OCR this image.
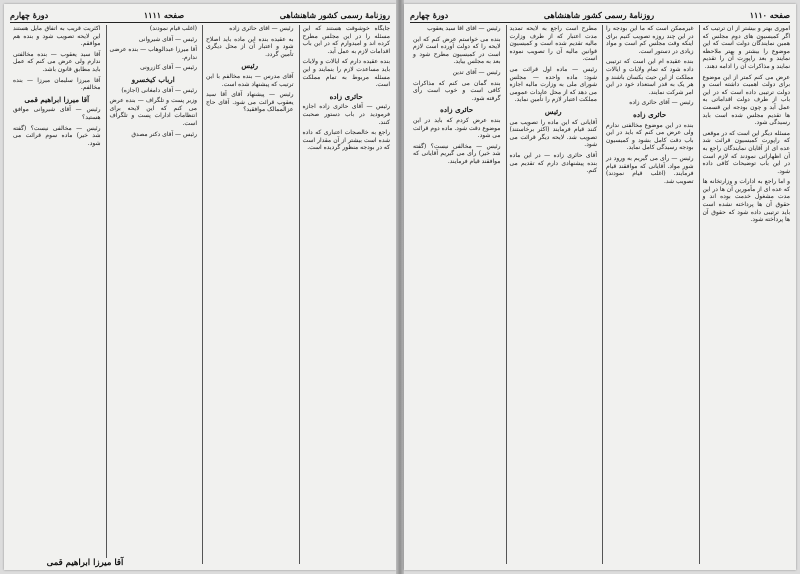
روزنامهٔ رسمی کشور شاهنشاهی
صفحه ۱۱۱۱
دورهٔ چهارم

جایگاه خوشوقت هستند که این مسئله را در این مجلس مطرح کرده اند و امیدوارم که در این باب اقدامات لازم به عمل آید.

بنده عقیده دارم که ایالات و ولایات باید مساعدت لازم را بنمایند و این مسئله مربوط به تمام مملکت است.

حائری زاده

رئیس — آقای حائری زاده اجازه فرمودید در باب دستور صحبت کنند.

راجع به خالصجات اعتباری که داده شده است بیشتر از آن مقدار است که در بودجه منظور گردیده است.

رئیس — آقای حائری زاده

به عقیده بنده این ماده باید اصلاح شود و اعتبار آن از محل دیگری تأمین گردد.

رئیس

آقای مدرس — بنده مخالفم با این ترتیب که پیشنهاد شده است.

رئیس — پیشنهاد آقای آقا سید یعقوب قرائت می شود. آقای حاج عزالممالک موافقید؟

(اغلب قیام نمودند)

رئیس — آقای شیروانی

آقا میرزا عبدالوهاب — بنده عرضی ندارم.

رئیس — آقای کازرونی

ارباب کیخسرو

رئیس — آقای دامغانی (اجازه)

وزیر پست و تلگراف — بنده عرض می کنم که این لایحه برای انتظامات ادارات پست و تلگراف است.

رئیس — آقای دکتر مصدق

اکثریت قریب به اتفاق مایل هستند این لایحه تصویب شود و بنده هم موافقم.

آقا سید یعقوب — بنده مخالفتی ندارم ولی عرض می کنم که عمل باید مطابق قانون باشد.

آقا میرزا سلیمان میرزا — بنده مخالفم.

آقا میرزا ابراهیم قمی

رئیس — آقای شیروانی موافق هستید؟

رئیس — مخالفی نیست؟ (گفته شد خیر) ماده سوم قرائت می شود.

آقا میرزا ابراهیم قمی
صفحه ۱۱۱۰
روزنامهٔ رسمی کشور شاهنشاهی
دورهٔ چهارم

اموری بهتر و بیشتر از آن ترتیب که اگر کمیسیون های دوم مجلس که همین نمایندگان دولت است که این موضوع را بیشتر و بهتر ملاحظه نمایند و بعد راپورت آن را تقدیم نمایند و مذاکرات آن را ادامه دهند.

عرض می کنم کمتر از این موضوع برای دولت اهمیت داشته است و دولت ترتیبی داده است که در این باب از طرف دولت اقداماتی به عمل آید و چون بودجه این قسمت ها تقدیم مجلس شده است باید رسیدگی شود.

مسئله دیگر این است که در موقعی که راپورت کمیسیون قرائت شد عده ای از آقایان نمایندگان راجع به آن اظهاراتی نمودند که لازم است در این باب توضیحات کافی داده شود.

و اما راجع به ادارات و وزارتخانه ها که عده ای از مأمورین آن ها در این مدت مشغول خدمت بوده اند و حقوق آن ها پرداخته نشده است باید ترتیبی داده شود که حقوق آن ها پرداخته شود.

غیرممکن است که ما این بودجه را در این چند روزه تصویب کنیم برای اینکه وقت مجلس کم است و مواد زیادی در دستور است.

بنده عقیده ام این است که ترتیبی داده شود که تمام ولایات و ایالات مملکت از این حیث یکسان باشند و هر یک به قدر استعداد خود در این امر شرکت نمایند.

رئیس — آقای حائری زاده

حائری زاده

بنده در این موضوع مخالفتی ندارم ولی عرض می کنم که باید در این باب دقت کامل بشود و کمیسیون بودجه رسیدگی کامل نماید.

رئیس — رأی می گیریم به ورود در شور مواد. آقایانی که موافقند قیام فرمایند. (اغلب قیام نمودند) تصویب شد.

مطرح است راجع به لایحه تمدید مدت اعتبار که از طرف وزارت مالیه تقدیم شده است و کمیسیون قوانین مالیه آن را تصویب نموده است.

رئیس — ماده اول قرائت می شود: ماده واحده — مجلس شورای ملی به وزارت مالیه اجازه می دهد که از محل عایدات عمومی مملکت اعتبار لازم را تأمین نماید.

رئیس

آقایانی که این ماده را تصویب می کنند قیام فرمایند (اکثر برخاستند) تصویب شد. لایحه دیگر قرائت می شود.

آقای حائری زاده — در این ماده بنده پیشنهادی دارم که تقدیم می کنم.

رئیس — آقای آقا سید یعقوب

بنده می خواستم عرض کنم که این لایحه را که دولت آورده است لازم است در کمیسیون مطرح شود و بعد به مجلس بیاید.

رئیس — آقای تدین

بنده گمان می کنم که مذاکرات کافی است و خوب است رأی گرفته شود.

حائری زاده

بنده عرض کردم که باید در این موضوع دقت شود. ماده دوم قرائت می شود.

رئیس — مخالفی نیست؟ (گفته شد خیر) رأی می گیریم آقایانی که موافقند قیام فرمایند.
